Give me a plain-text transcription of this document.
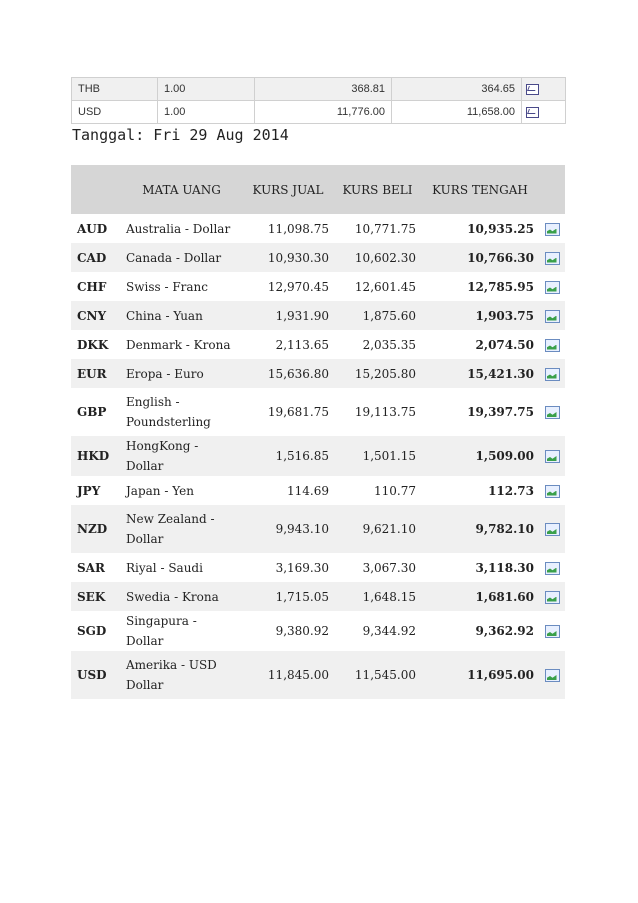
THB	1.00	368.81	364.65	
USD	1.00	11,776.00	11,658.00	

Tanggal: Fri 29 Aug 2014

	MATA UANG	KURS JUAL	KURS BELI	KURS TENGAH	
AUD	Australia - Dollar	11,098.75	10,771.75	10,935.25	
CAD	Canada - Dollar	10,930.30	10,602.30	10,766.30	
CHF	Swiss - Franc	12,970.45	12,601.45	12,785.95	
CNY	China - Yuan	1,931.90	1,875.60	1,903.75	
DKK	Denmark - Krona	2,113.65	2,035.35	2,074.50	
EUR	Eropa - Euro	15,636.80	15,205.80	15,421.30	
GBP	English - Poundsterling	19,681.75	19,113.75	19,397.75	
HKD	HongKong - Dollar	1,516.85	1,501.15	1,509.00	
JPY	Japan - Yen	114.69	110.77	112.73	
NZD	New Zealand - Dollar	9,943.10	9,621.10	9,782.10	
SAR	Riyal - Saudi	3,169.30	3,067.30	3,118.30	
SEK	Swedia - Krona	1,715.05	1,648.15	1,681.60	
SGD	Singapura - Dollar	9,380.92	9,344.92	9,362.92	
USD	Amerika - USD Dollar	11,845.00	11,545.00	11,695.00	
